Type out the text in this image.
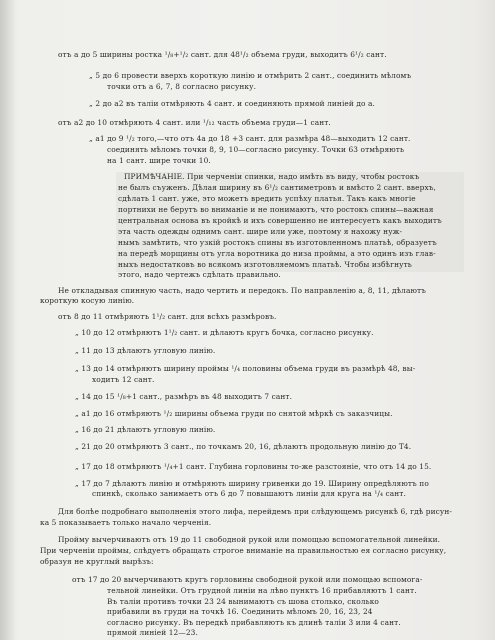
отъ а до 5 ширины ростка ¹/₈+¹/₂ сант. для 48¹/₂ объема груди, выходитъ 6¹/₂ сант.
„ 5 до 6 провести вверхъ короткую линію и отмѣрить 2 сант., соединить мѣломъ
точки отъ а 6, 7, 8 согласно рисунку.
„ 2 до а2 въ таліи отмѣряють 4 сант. и соединяють прямой линіей до а.
отъ а2 до 10 отмѣряють 4 сант. или ¹/₁₂ часть объема груди—1 сант.
„ а1 до 9 ¹/₂ того,—что отъ 4а до 18 +3 сант. для размѣра 48—выходитъ 12 сант.
соединять мѣломъ точки 8, 9, 10—согласно рисунку. Точки 63 отмѣряють
на 1 сант. шире точки 10.
ПРИМѢЧАНІЕ. При черченіи спинки, надо имѣть въ виду, чтобы ростокъ
не былъ съуженъ. Дѣлая ширину въ 6¹/₂ сантиметровъ и вмѣсто 2 сант. вверхъ,
сдѣлать 1 сант. уже, это можетъ вредить успѣху платья. Такъ какъ многіе
портнихи не берутъ во вниманіе и не понимаютъ, что ростокъ спины—важная
центральная основа въ кройкѣ и ихъ совершенно не интересуетъ какъ выходитъ
эта часть одежды однимъ сант. шире или уже, поэтому я нахожу нуж-
нымъ замѣтить, что узкій ростокъ спины въ изготовленномъ платьѣ, образуетъ
на передѣ морщины отъ угла воротника до низа проймы, а это одинъ изъ глав-
ныхъ недостатковъ во всякомъ изготовляемомъ платьѣ. Чтобы избѣгнуть
этого, надо чертежъ сдѣлать правильно.
Не откладывая спинную часть, надо чертить и передокъ. По направленію а, 8, 11, дѣлаютъ
короткую косую линію.
отъ 8 до 11 отмѣряютъ 1¹/₂ сант. для всѣхъ размѣровъ.
„ 10 до 12 отмѣряютъ 1¹/₂ сант. и дѣлаютъ кругъ бочка, согласно рисунку.
„ 11 до 13 дѣлаютъ угловую линію.
„ 13 до 14 отмѣряютъ ширину проймы ¹/₄ половины объема груди въ размѣрѣ 48, вы-
ходитъ 12 сант.
„ 14 до 15 ¹/₈+1 сант., размѣръ въ 48 выходитъ 7 сант.
„ а1 до 16 отмѣряютъ ¹/₂ ширины объема груди по снятой мѣркѣ съ заказчицы.
„ 16 до 21 дѣлаютъ угловую линію.
„ 21 до 20 отмѣряютъ 3 сант., по точкамъ 20, 16, дѣлаютъ продольную линію до Т4.
„ 17 до 18 отмѣряютъ ¹/₄+1 сант. Глубина горловины то-же разстояніе, что отъ 14 до 15.
„ 17 до 7 дѣлаютъ линію и отмѣряють ширину гривенки до 19. Ширину опредѣляютъ по
спинкѣ, сколько занимаетъ отъ 6 до 7 повышаютъ линіи для круга на ¹/₄ сант.
Для болѣе подробнаго выполненія этого лифа, перейдемъ при слѣдующемъ рисункѣ 6, гдѣ рисун-
ка 5 показываетъ только начало черченія.
Пройму вычерчиваютъ отъ 19 до 11 свободной рукой или помощью вспомогательной линейки.
При черченіи проймы, слѣдуетъ обращать строгое вниманіе на правильностью ея согласно рисунку,
образуя не круглый вырѣзъ:
отъ 17 до 20 вычерчиваютъ кругъ горловины свободной рукой или помощью вспомога-
тельной линейки. Отъ грудной линіи на лѣво пунктъ 16 прибавляютъ 1 сант.
Въ таліи противъ точки 23 24 вынимаютъ съ шова столько, сколько
прибавили въ груди на точкѣ 16. Соединить мѣломъ 20, 16, 23, 24
согласно рисунку. Въ передкѣ прибавляютъ къ длинѣ таліи 3 или 4 сант.
прямой линіей 12—23.
